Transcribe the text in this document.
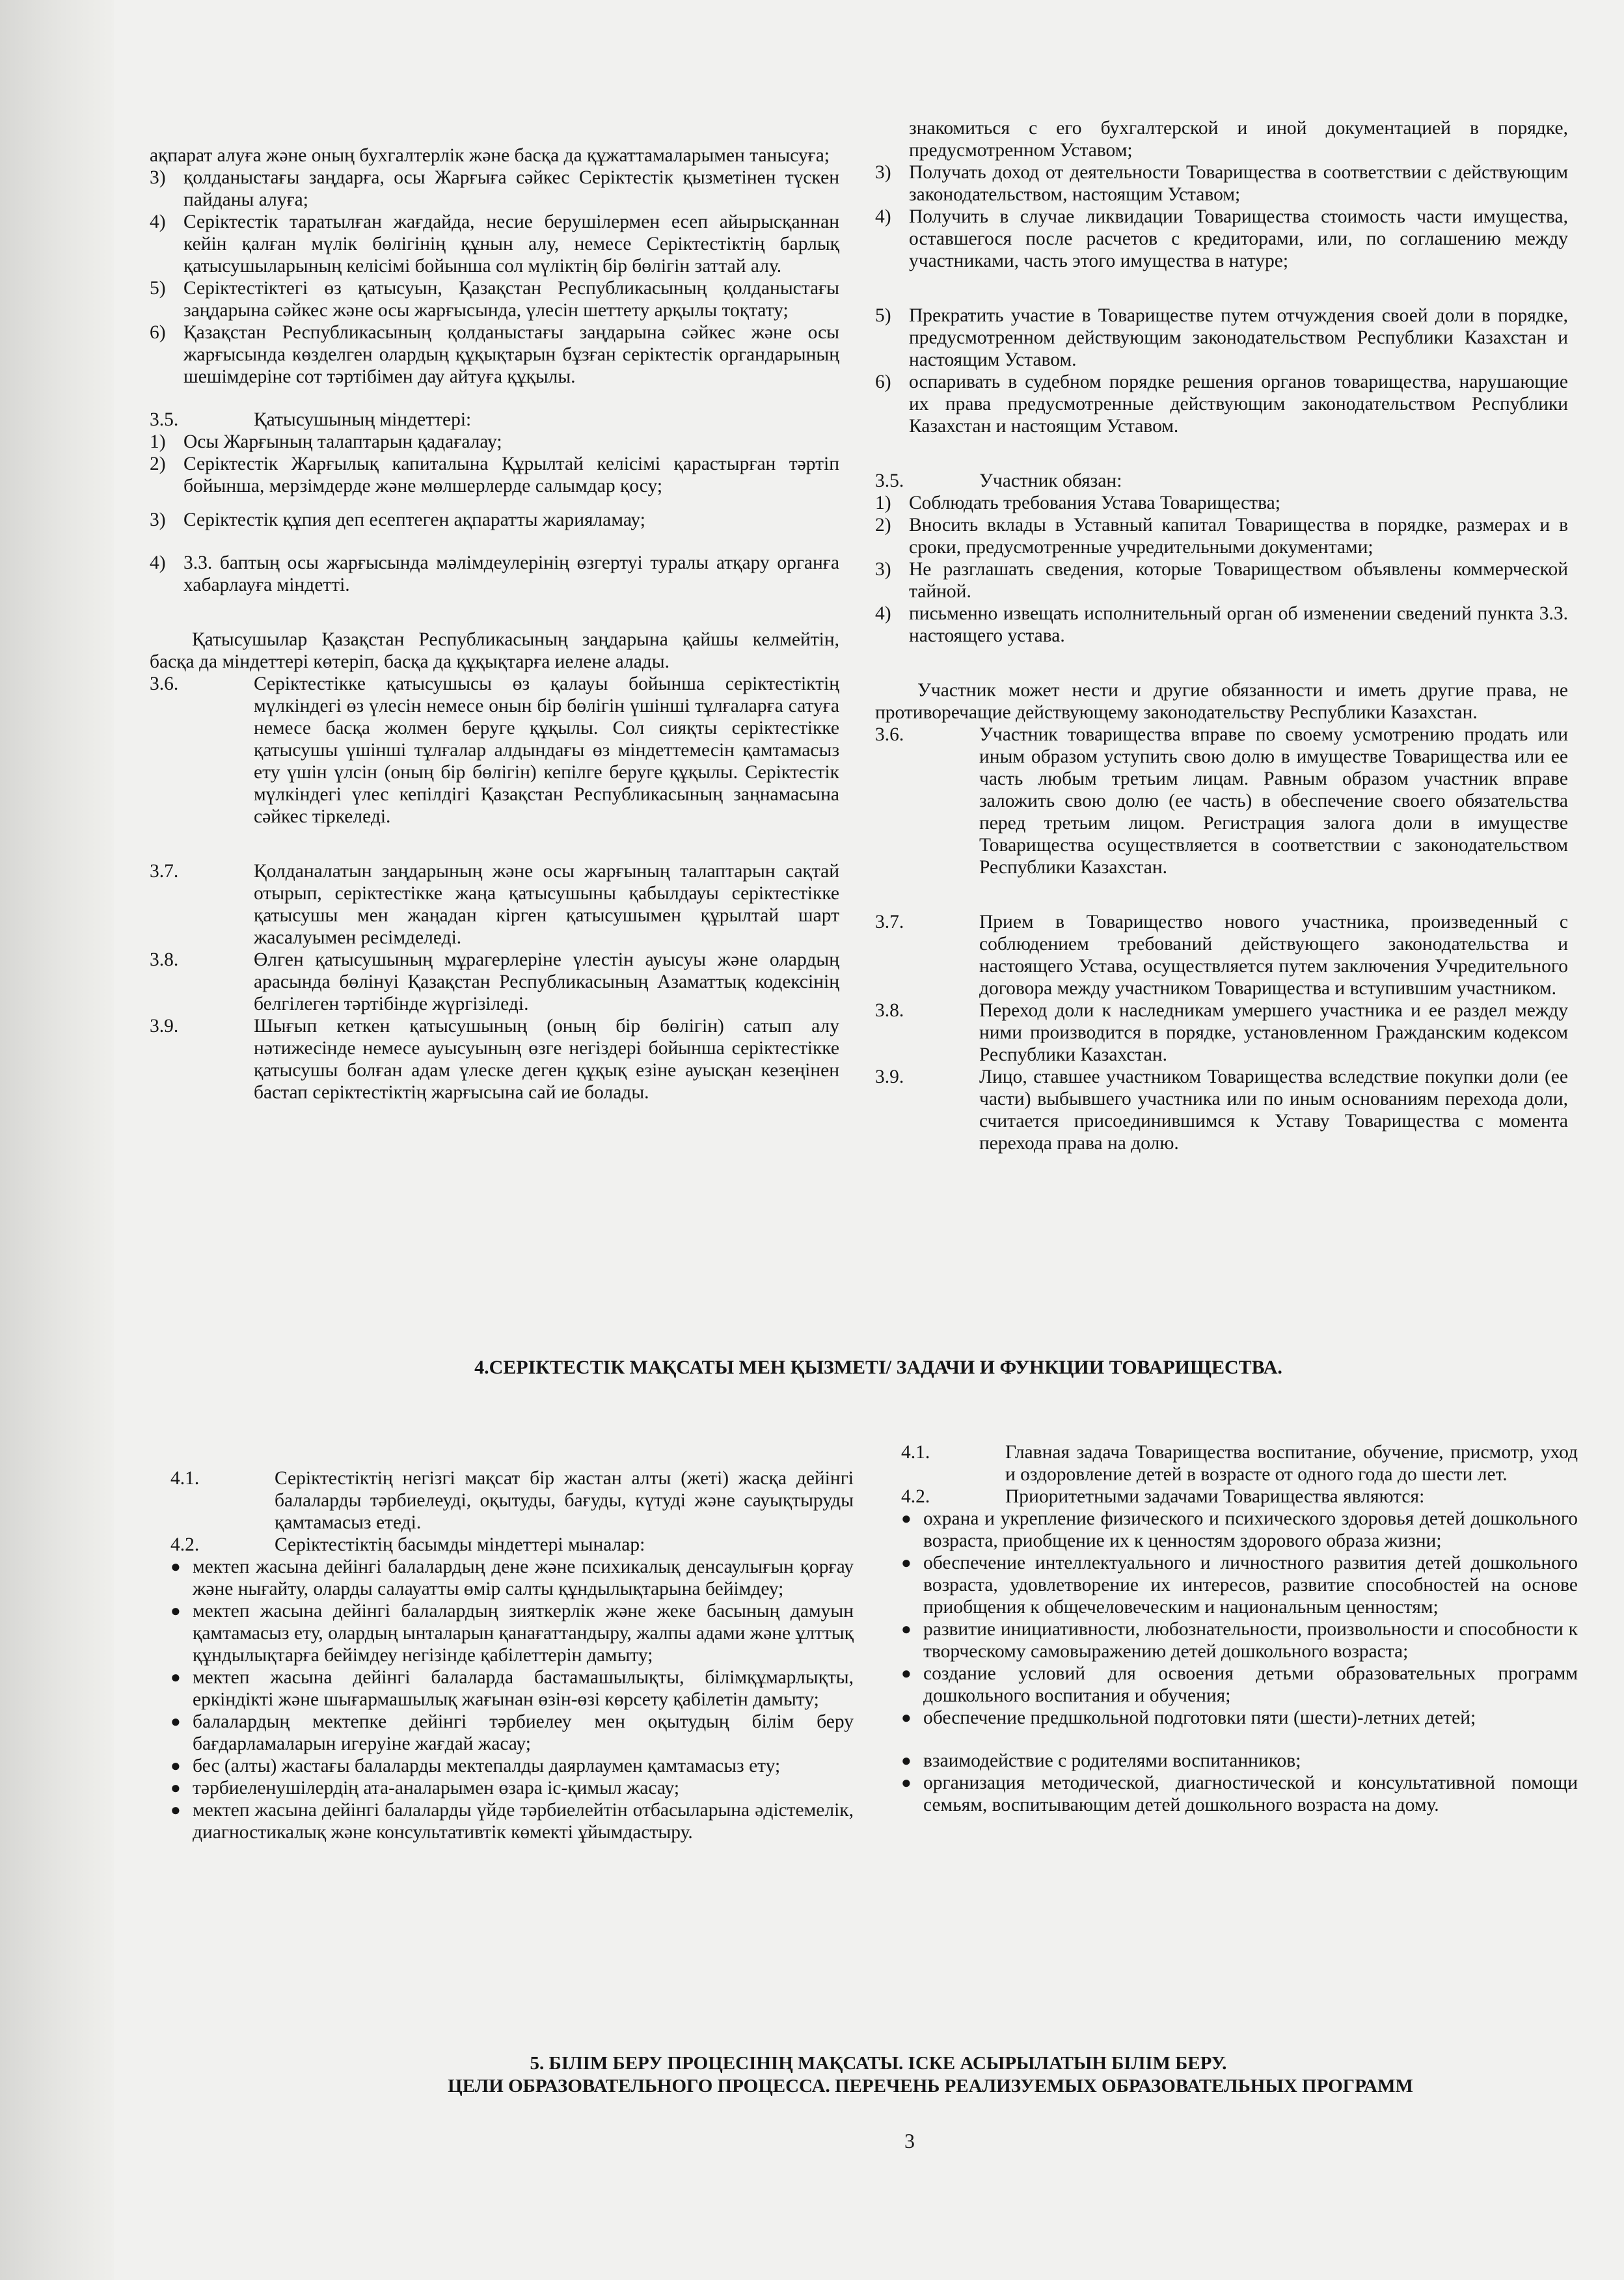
ақпарат алуға және оның бухгалтерлік және басқа да құжаттамаларымен танысуға;

3) қолданыстағы заңдарға, осы Жарғыға сәйкес Серіктестік қызметінен түскен пайданы алуға;
4) Серіктестік таратылған жағдайда, несие берушілермен есеп айырысқаннан кейін қалған мүлік бөлігінің құнын алу, немесе Серіктестіктің барлық қатысушыларының келісімі бойынша сол мүліктің бір бөлігін заттай алу.
5) Серіктестіктегі өз қатысуын, Қазақстан Республикасының қолданыстағы заңдарына сәйкес және осы жарғысында, үлесін шеттету арқылы тоқтату;
6) Қазақстан Республикасының қолданыстағы заңдарына сәйкес және осы жарғысында көзделген олардың құқықтарын бұзған серіктестік органдарының шешімдеріне сот тәртібімен дау айтуға құқылы.
3.5.	Қатысушының міндеттері:
1) Осы Жарғының талаптарын қадағалау;
2) Серіктестік Жарғылық капиталына Құрылтай келісімі қарастырған тәртіп бойынша, мерзімдерде және мөлшерлерде салымдар қосу;
3) Серіктестік құпия деп есептеген ақпаратты жарияламау;
4) 3.3. баптың осы жарғысында мәлімдеулерінің өзгертуі туралы атқару органға хабарлауға міндетті.

Қатысушылар Қазақстан Республикасының заңдарына қайшы келмейтін, басқа да міндеттері көтеріп, басқа да құқықтарға иелене алады.

3.6.	Серіктестікке қатысушысы өз қалауы бойынша серіктестіктің мүлкіндегі өз үлесін немесе онын бір бөлігін үшінші тұлғаларға сатуға немесе басқа жолмен беруге құқылы. Сол сияқты серіктестікке қатысушы үшінші тұлғалар алдындағы өз міндеттемесін қамтамасыз ету үшін үлсін (оның бір бөлігін) кепілге беруге құқылы. Серіктестік мүлкіндегі үлес кепілдігі Қазақстан Республикасының заңнамасына сәйкес тіркеледі.
3.7.	Қолданалатын заңдарының және осы жарғының талаптарын сақтай отырып, серіктестікке жаңа қатысушыны қабылдауы серіктестікке қатысушы мен жаңадан кірген қатысушымен құрылтай шарт жасалуымен ресімделеді.
3.8.	Өлген қатысушының мұрагерлеріне үлестін ауысуы және олардың арасында бөлінуі Қазақстан Республикасының Азаматтық кодексінің белгілеген тәртібінде жүргізіледі.
3.9.	Шығып кеткен қатысушының (оның бір бөлігін) сатып алу нәтижесінде немесе ауысуының өзге негіздері бойынша серіктестікке қатысушы болған адам үлеске деген құқық езіне ауысқан кезеңінен бастап серіктестіктің жарғысына сай ие болады.

знакомиться с его бухгалтерской и иной документацией в порядке, предусмотренном Уставом;

3) Получать доход от деятельности Товарищества в соответствии с действующим законодательством, настоящим Уставом;
4) Получить в случае ликвидации Товарищества стоимость части имущества, оставшегося после расчетов с кредиторами, или, по соглашению между участниками, часть этого имущества в натуре;
5) Прекратить участие в Товариществе путем отчуждения своей доли в порядке, предусмотренном действующим законодательством Республики Казахстан и настоящим Уставом.
6) оспаривать в судебном порядке решения органов товарищества, нарушающие их права предусмотренные действующим законодательством Республики Казахстан и настоящим Уставом.
3.5.	Участник обязан:
1) Соблюдать требования Устава Товарищества;
2) Вносить вклады в Уставный капитал Товарищества в порядке, размерах и в сроки, предусмотренные учредительными документами;
3) Не разглашать сведения, которые Товариществом объявлены коммерческой тайной.
4) письменно извещать исполнительный орган об изменении сведений пункта 3.3. настоящего устава.

Участник может нести и другие обязанности и иметь другие права, не противоречащие действующему законодательству Республики Казахстан.

3.6.	Участник товарищества вправе по своему усмотрению продать или иным образом уступить свою долю в имуществе Товарищества или ее часть любым третьим лицам. Равным образом участник вправе заложить свою долю (ее часть) в обеспечение своего обязательства перед третьим лицом. Регистрация залога доли в имуществе Товарищества осуществляется в соответствии с законодательством Республики Казахстан.
3.7.	Прием в Товарищество нового участника, произведенный с соблюдением требований действующего законодательства и настоящего Устава, осуществляется путем заключения Учредительного договора между участником Товарищества и вступившим участником.
3.8.	Переход доли к наследникам умершего участника и ее раздел между ними производится в порядке, установленном Гражданским кодексом Республики Казахстан.
3.9.	Лицо, ставшее участником Товарищества вследствие покупки доли (ее части) выбывшего участника или по иным основаниям перехода доли, считается присоединившимся к Уставу Товарищества с момента перехода права на долю.
4.СЕРІКТЕСТІК МАҚСАТЫ МЕН ҚЫЗМЕТІ/ ЗАДАЧИ И ФУНКЦИИ ТОВАРИЩЕСТВА.
4.1.	Серіктестіктің негізгі мақсат бір жастан алты (жеті) жасқа дейінгі балаларды тәрбиелеуді, оқытуды, бағуды, күтуді және сауықтыруды қамтамасыз етеді.
4.2.	Серіктестіктің басымды міндеттері мыналар:
● мектеп жасына дейінгі балалардың дене және психикалық денсаулығын қорғау және нығайту, оларды салауатты өмір салты құндылықтарына бейімдеу;
● мектеп жасына дейінгі балалардың зияткерлік және жеке басының дамуын қамтамасыз ету, олардың ынталарын қанағаттандыру, жалпы адами және ұлттық құндылықтарға бейімдеу негізінде қабілеттерін дамыту;
● мектеп жасына дейінгі балаларда бастамашылықты, білімқұмарлықты, еркіндікті және шығармашылық жағынан өзін-өзі көрсету қабілетін дамыту;
● балалардың мектепке дейінгі тәрбиелеу мен оқытудың білім беру бағдарламаларын игеруіне жағдай жасау;
● бес (алты) жастағы балаларды мектепалды даярлаумен қамтамасыз ету;
● тәрбиеленушілердің ата-аналарымен өзара іс-қимыл жасау;
● мектеп жасына дейінгі балаларды үйде тәрбиелейтін отбасыларына әдістемелік, диагностикалық және консультативтік көмекті ұйымдастыру.
4.1.	Главная задача Товарищества воспитание, обучение, присмотр, уход и оздоровление детей в возрасте от одного года до шести лет.
4.2.	Приоритетными задачами Товарищества являются:
● охрана и укрепление физического и психического здоровья детей дошкольного возраста, приобщение их к ценностям здорового образа жизни;
● обеспечение интеллектуального и личностного развития детей дошкольного возраста, удовлетворение их интересов, развитие способностей на основе приобщения к общечеловеческим и национальным ценностям;
● развитие инициативности, любознательности, произвольности и способности к творческому самовыражению детей дошкольного возраста;
● создание условий для освоения детьми образовательных программ дошкольного воспитания и обучения;
● обеспечение предшкольной подготовки пяти (шести)-летних детей;
● взаимодействие с родителями воспитанников;
● организация методической, диагностической и консультативной помощи семьям, воспитывающим детей дошкольного возраста на дому.
5. БІЛІМ БЕРУ ПРОЦЕСІНІҢ МАҚСАТЫ. ІСКЕ АСЫРЫЛАТЫН БІЛІМ БЕРУ.
ЦЕЛИ ОБРАЗОВАТЕЛЬНОГО ПРОЦЕССА. ПЕРЕЧЕНЬ РЕАЛИЗУЕМЫХ ОБРАЗОВАТЕЛЬНЫХ ПРОГРАММ
3
